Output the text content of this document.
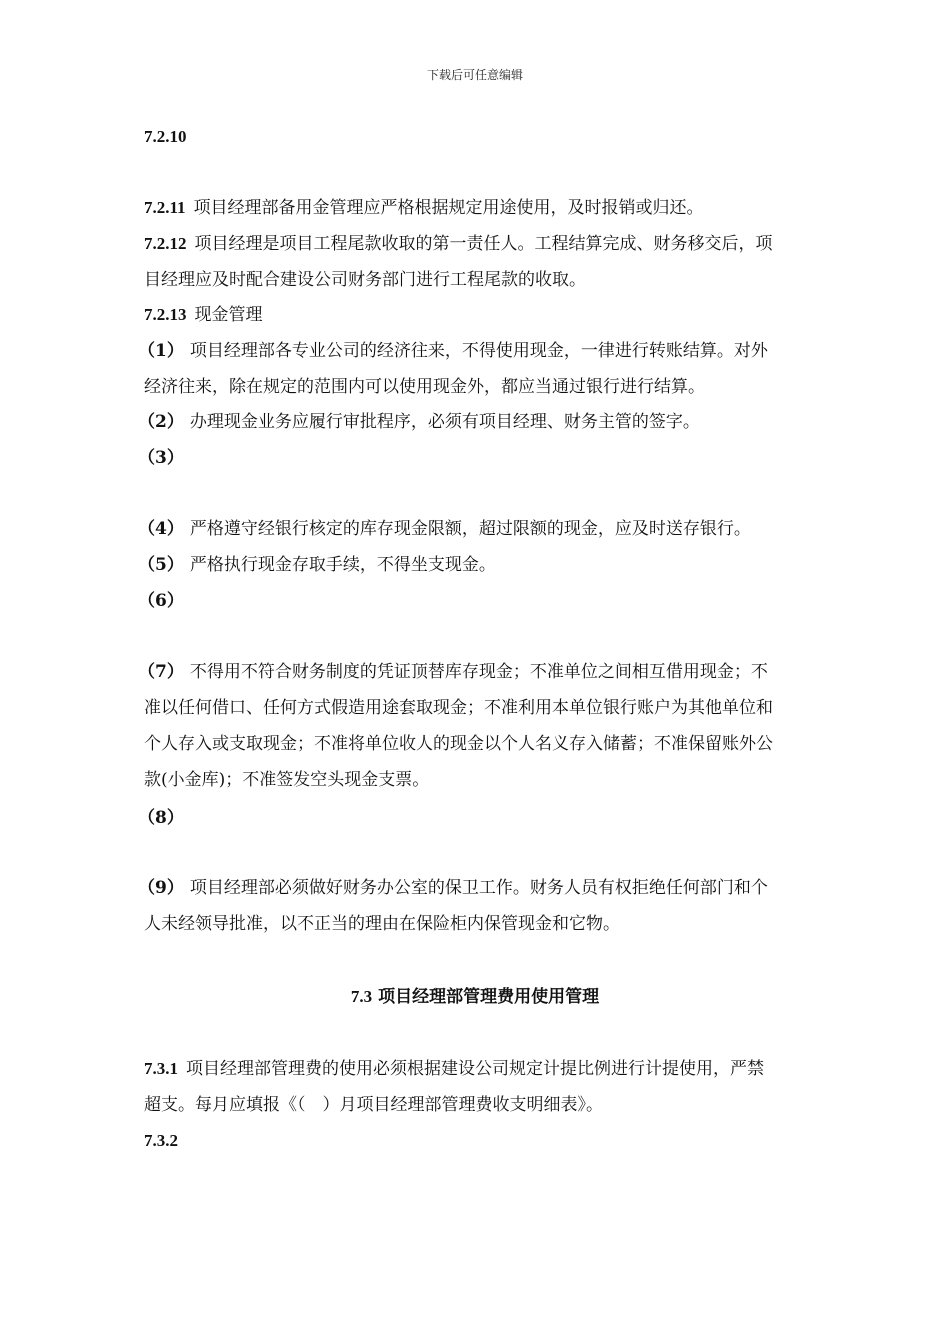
下载后可任意编辑
7.2.10
7.2.11 项目经理部备用金管理应严格根据规定用途使用，及时报销或归还。
7.2.12 项目经理是项目工程尾款收取的第一责任人。工程结算完成、财务移交后，项
目经理应及时配合建设公司财务部门进行工程尾款的收取。
7.2.13 现金管理
（1） 项目经理部各专业公司的经济往来，不得使用现金，一律进行转账结算。对外
经济往来，除在规定的范围内可以使用现金外，都应当通过银行进行结算。
（2） 办理现金业务应履行审批程序，必须有项目经理、财务主管的签字。
（3）
（4） 严格遵守经银行核定的库存现金限额，超过限额的现金，应及时送存银行。
（5） 严格执行现金存取手续，不得坐支现金。
（6）
（7） 不得用不符合财务制度的凭证顶替库存现金；不准单位之间相互借用现金；不
准以任何借口、任何方式假造用途套取现金；不准利用本单位银行账户为其他单位和
个人存入或支取现金；不准将单位收人的现金以个人名义存入储蓄；不准保留账外公
款(小金库)；不准签发空头现金支票。
（8）
（9） 项目经理部必须做好财务办公室的保卫工作。财务人员有权拒绝任何部门和个
人未经领导批准，以不正当的理由在保险柜内保管现金和它物。
7.3 项目经理部管理费用使用管理
7.3.1 项目经理部管理费的使用必须根据建设公司规定计提比例进行计提使用，严禁
超支。每月应填报《（　）月项目经理部管理费收支明细表》。
7.3.2
